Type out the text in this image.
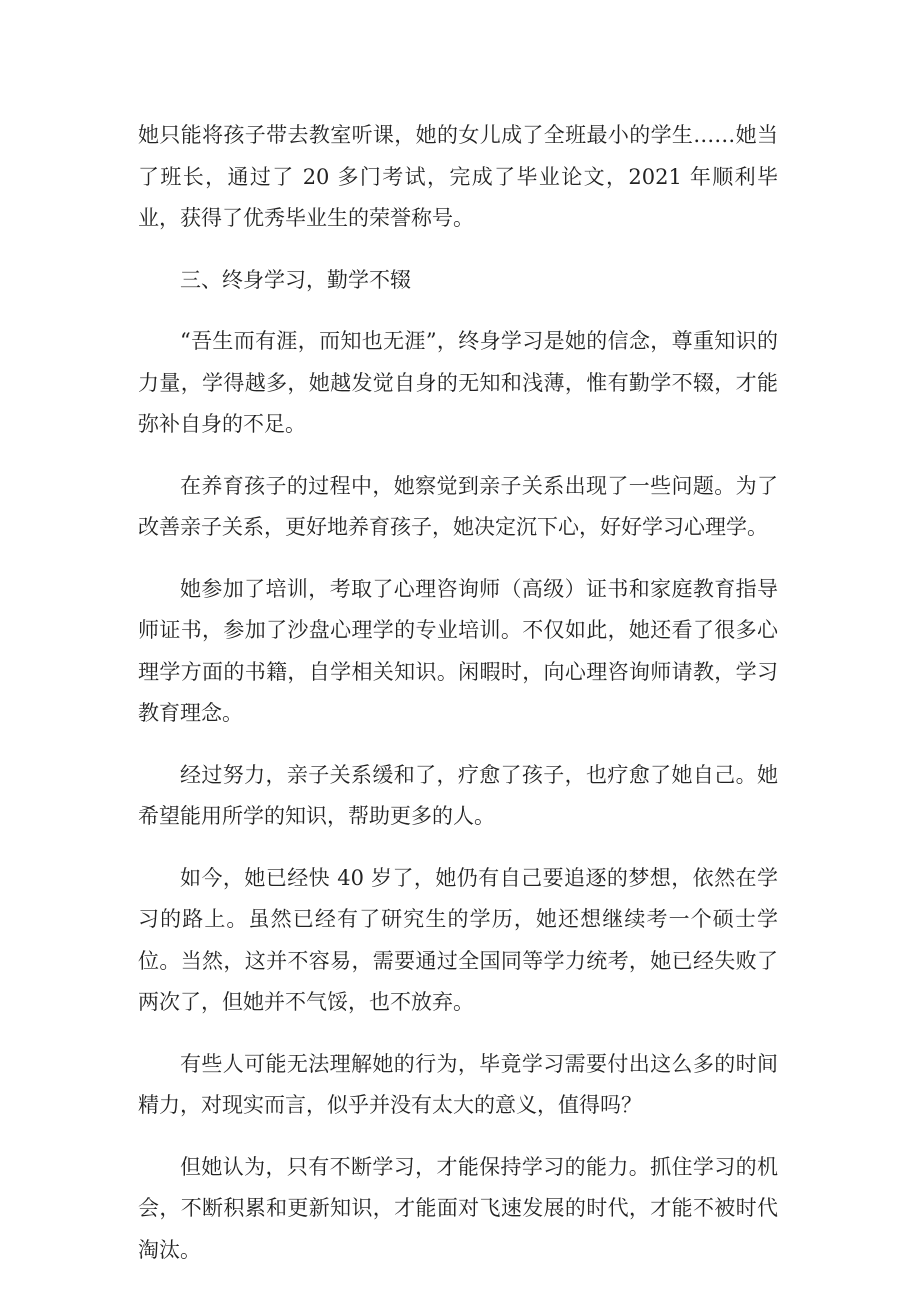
她只能将孩子带去教室听课，她的女儿成了全班最小的学生……她当了班长，通过了 20 多门考试，完成了毕业论文，2021 年顺利毕业，获得了优秀毕业生的荣誉称号。

三、终身学习，勤学不辍

“吾生而有涯，而知也无涯”，终身学习是她的信念，尊重知识的力量，学得越多，她越发觉自身的无知和浅薄，惟有勤学不辍，才能弥补自身的不足。

在养育孩子的过程中，她察觉到亲子关系出现了一些问题。为了改善亲子关系，更好地养育孩子，她决定沉下心，好好学习心理学。

她参加了培训，考取了心理咨询师（高级）证书和家庭教育指导师证书，参加了沙盘心理学的专业培训。不仅如此，她还看了很多心理学方面的书籍，自学相关知识。闲暇时，向心理咨询师请教，学习教育理念。

经过努力，亲子关系缓和了，疗愈了孩子，也疗愈了她自己。她希望能用所学的知识，帮助更多的人。

如今，她已经快 40 岁了，她仍有自己要追逐的梦想，依然在学习的路上。虽然已经有了研究生的学历，她还想继续考一个硕士学位。当然，这并不容易，需要通过全国同等学力统考，她已经失败了两次了，但她并不气馁，也不放弃。

有些人可能无法理解她的行为，毕竟学习需要付出这么多的时间精力，对现实而言，似乎并没有太大的意义，值得吗？

但她认为，只有不断学习，才能保持学习的能力。抓住学习的机会，不断积累和更新知识，才能面对飞速发展的时代，才能不被时代淘汰。
